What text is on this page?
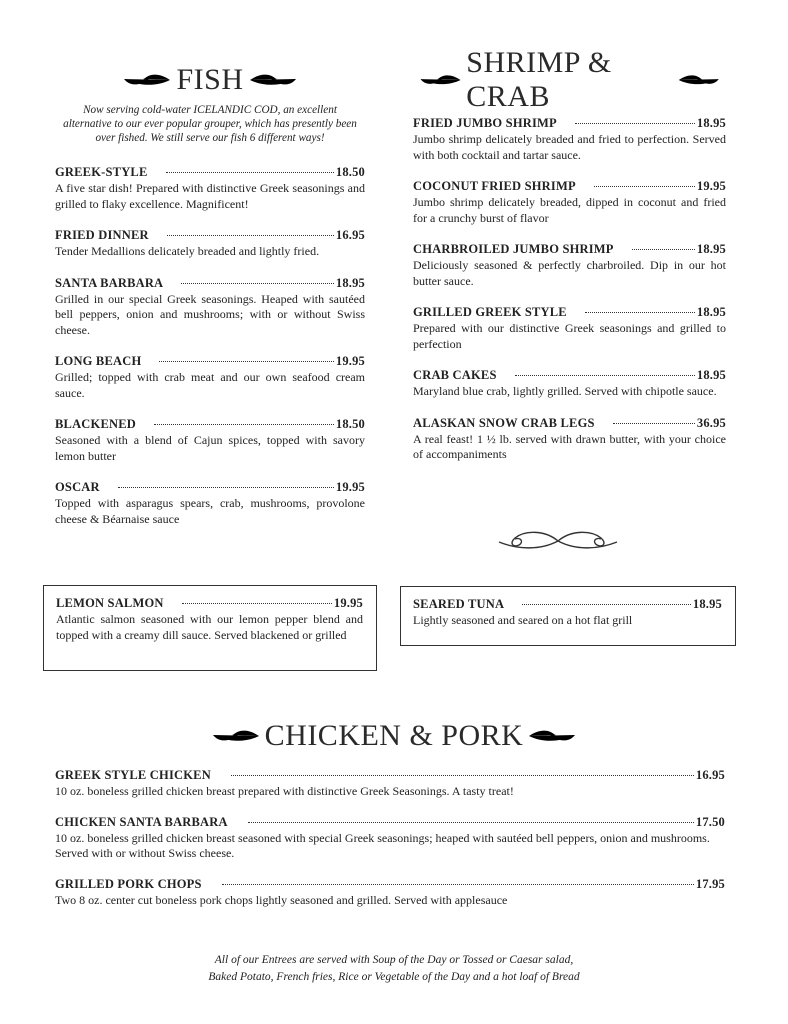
FISH

Now serving cold-water ICELANDIC COD, an excellent alternative to our ever popular grouper, which has presently been over fished. We still serve our fish 6 different ways!

GREEK-STYLE	18.50
A five star dish! Prepared with distinctive Greek seasonings and grilled to flaky excellence. Magnificent!
FRIED DINNER	16.95
Tender Medallions delicately breaded and lightly fried.
SANTA BARBARA	18.95
Grilled in our special Greek seasonings. Heaped with sautéed bell peppers, onion and mushrooms; with or without Swiss cheese.
LONG BEACH	19.95
Grilled; topped with crab meat and our own seafood cream sauce.
BLACKENED	18.50
Seasoned with a blend of Cajun spices, topped with savory lemon butter
OSCAR	19.95
Topped with asparagus spears, crab, mushrooms, provolone cheese & Béarnaise sauce
LEMON SALMON	19.95
Atlantic salmon seasoned with our lemon pepper blend and topped with a creamy dill sauce. Served blackened or grilled
SHRIMP & CRAB
FRIED JUMBO SHRIMP	18.95
Jumbo shrimp delicately breaded and fried to perfection. Served with both cocktail and tartar sauce.
COCONUT FRIED SHRIMP	19.95
Jumbo shrimp delicately breaded, dipped in coconut and fried for a crunchy burst of flavor
CHARBROILED JUMBO SHRIMP	18.95
Deliciously seasoned & perfectly charbroiled. Dip in our hot butter sauce.
GRILLED GREEK STYLE	18.95
Prepared with our distinctive Greek seasonings and grilled to perfection
CRAB CAKES	18.95
Maryland blue crab, lightly grilled. Served with chipotle sauce.
ALASKAN SNOW CRAB LEGS	36.95
A real feast! 1 ½ lb. served with drawn butter, with your choice of accompaniments
SEARED TUNA	18.95
Lightly seasoned and seared on a hot flat grill
CHICKEN & PORK
GREEK STYLE CHICKEN	16.95
10 oz. boneless grilled chicken breast prepared with distinctive Greek Seasonings. A tasty treat!
CHICKEN SANTA BARBARA	17.50
10 oz. boneless grilled chicken breast seasoned with special Greek seasonings; heaped with sautéed bell peppers, onion and mushrooms. Served with or without Swiss cheese.
GRILLED PORK CHOPS	17.95
Two 8 oz. center cut boneless pork chops lightly seasoned and grilled. Served with applesauce
All of our Entrees are served with Soup of the Day or Tossed or Caesar salad,
Baked Potato, French fries, Rice or Vegetable of the Day and a hot loaf of Bread
